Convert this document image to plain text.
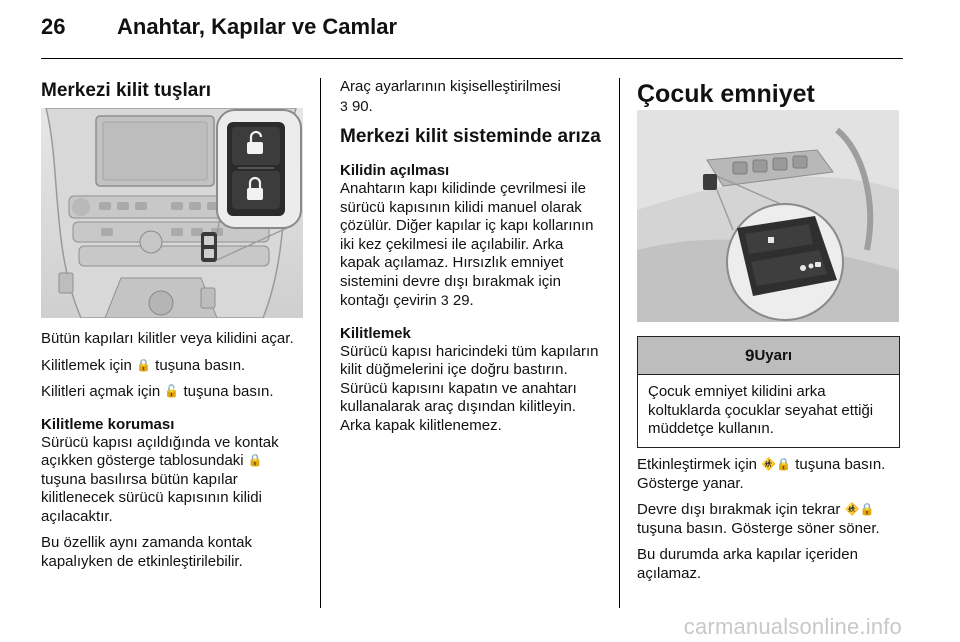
26	Anahtar, Kapılar ve Camlar
Merkezi kilit tuşları

Bütün kapıları kilitler veya kilidini açar.

Kilitlemek için 🔒 tuşuna basın.

Kilitleri açmak için 🔓 tuşuna basın.

Kilitleme koruması

Sürücü kapısı açıldığında ve kontak açıkken gösterge tablosundaki 🔒 tuşuna basılırsa bütün kapılar kilitlenecek sürücü kapısının kilidi açılacaktır.

Bu özellik aynı zamanda kontak kapalıyken de etkinleştirilebilir.

Araç ayarlarının kişiselleştirilmesi
3 90.

Merkezi kilit sisteminde arıza
Kilidin açılması

Anahtarın kapı kilidinde çevrilmesi ile sürücü kapısının kilidi manuel olarak çözülür. Diğer kapılar iç kapı kollarının iki kez çekilmesi ile açılabilir. Arka kapak açılamaz. Hırsızlık emniyet sistemini devre dışı bırakmak için kontağı çevirin 3 29.

Kilitlemek

Sürücü kapısı haricindeki tüm kapıların kilit düğmelerini içe doğru bastırın. Sürücü kapısını kapatın ve anahtarı kullanalarak araç dışından kilitleyin. Arka kapak kilitlenemez.

Çocuk emniyet
9 Uyarı
Çocuk emniyet kilidini arka koltuklarda çocuklar seyahat ettiği müddetçe kullanın.

Etkinleştirmek için 🚸🔒 tuşuna basın. Gösterge yanar.

Devre dışı bırakmak için tekrar 🚸🔒 tuşuna basın. Gösterge söner söner.

Bu durumda arka kapılar içeriden açılamaz.

carmanualsonline.info
